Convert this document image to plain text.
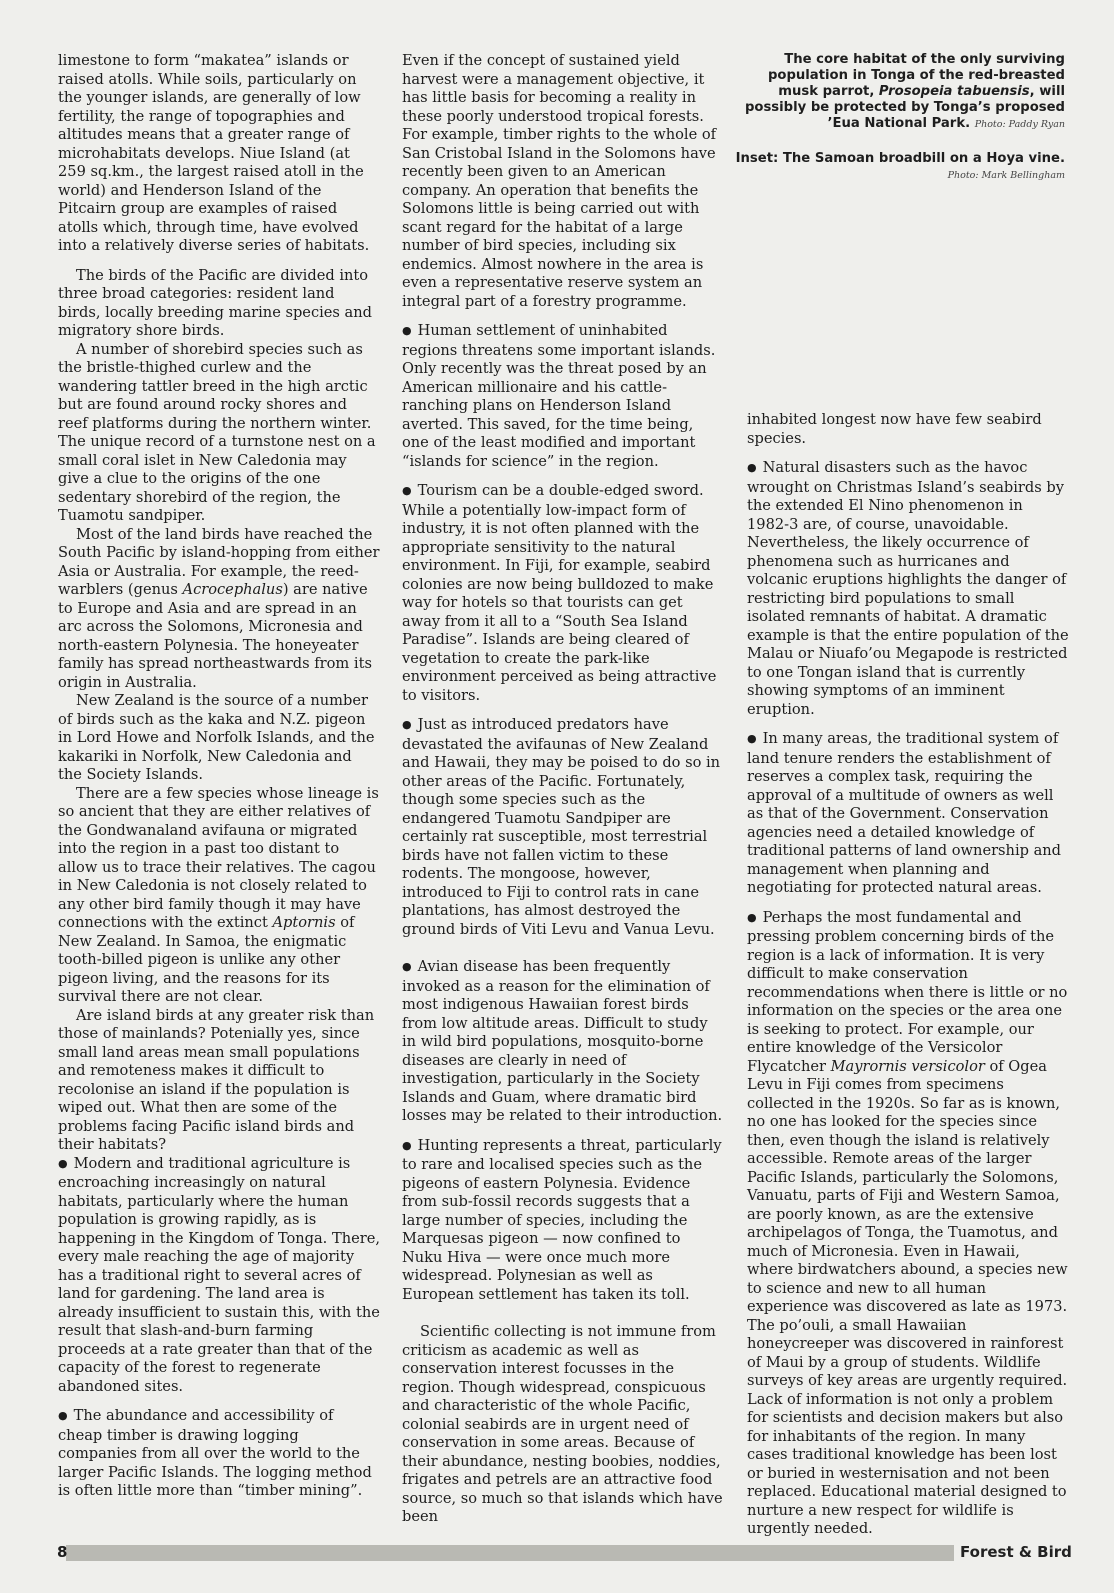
The core habitat of the only surviving population in Tonga of the red-breasted musk parrot, Prosopeia tabuensis, will possibly be protected by Tonga’s proposed ’Eua National Park. Photo: Paddy Ryan
Inset: The Samoan broadbill on a Hoya vine.
Photo: Mark Bellingham

limestone to form “makatea” islands or raised atolls. While soils, particularly on the younger islands, are generally of low fertility, the range of topographies and altitudes means that a greater range of microhabitats develops. Niue Island (at 259 sq.km., the largest raised atoll in the world) and Henderson Island of the Pitcairn group are examples of raised atolls which, through time, have evolved into a relatively diverse series of habitats.

The birds of the Pacific are divided into three broad categories: resident land birds, locally breeding marine species and migratory shore birds.

A number of shorebird species such as the bristle-thighed curlew and the wandering tattler breed in the high arctic but are found around rocky shores and reef platforms during the northern winter. The unique record of a turnstone nest on a small coral islet in New Caledonia may give a clue to the origins of the one sedentary shorebird of the region, the Tuamotu sandpiper.

Most of the land birds have reached the South Pacific by island-hopping from either Asia or Australia. For example, the reed-warblers (genus Acrocephalus) are native to Europe and Asia and are spread in an arc across the Solomons, Micronesia and north-eastern Polynesia. The honeyeater family has spread northeastwards from its origin in Australia.

New Zealand is the source of a number of birds such as the kaka and N.Z. pigeon in Lord Howe and Norfolk Islands, and the kakariki in Norfolk, New Caledonia and the Society Islands.

There are a few species whose lineage is so ancient that they are either relatives of the Gondwanaland avifauna or migrated into the region in a past too distant to allow us to trace their relatives. The cagou in New Caledonia is not closely related to any other bird family though it may have connections with the extinct Aptornis of New Zealand. In Samoa, the enigmatic tooth-billed pigeon is unlike any other pigeon living, and the reasons for its survival there are not clear.

Are island birds at any greater risk than those of mainlands? Potenially yes, since small land areas mean small populations and remoteness makes it difficult to recolonise an island if the population is wiped out. What then are some of the problems facing Pacific island birds and their habitats?

● Modern and traditional agriculture is encroaching increasingly on natural habitats, particularly where the human population is growing rapidly, as is happening in the Kingdom of Tonga. There, every male reaching the age of majority has a traditional right to several acres of land for gardening. The land area is already insufficient to sustain this, with the result that slash-and-burn farming proceeds at a rate greater than that of the capacity of the forest to regenerate abandoned sites.

● The abundance and accessibility of cheap timber is drawing logging companies from all over the world to the larger Pacific Islands. The logging method is often little more than “timber mining”.

Even if the concept of sustained yield harvest were a management objective, it has little basis for becoming a reality in these poorly understood tropical forests. For example, timber rights to the whole of San Cristobal Island in the Solomons have recently been given to an American company. An operation that benefits the Solomons little is being carried out with scant regard for the habitat of a large number of bird species, including six endemics. Almost nowhere in the area is even a representative reserve system an integral part of a forestry programme.

● Human settlement of uninhabited regions threatens some important islands. Only recently was the threat posed by an American millionaire and his cattle-ranching plans on Henderson Island averted. This saved, for the time being, one of the least modified and important “islands for science” in the region.

● Tourism can be a double-edged sword. While a potentially low-impact form of industry, it is not often planned with the appropriate sensitivity to the natural environment. In Fiji, for example, seabird colonies are now being bulldozed to make way for hotels so that tourists can get away from it all to a “South Sea Island Paradise”. Islands are being cleared of vegetation to create the park-like environment perceived as being attractive to visitors.

● Just as introduced predators have devastated the avifaunas of New Zealand and Hawaii, they may be poised to do so in other areas of the Pacific. Fortunately, though some species such as the endangered Tuamotu Sandpiper are certainly rat susceptible, most terrestrial birds have not fallen victim to these rodents. The mongoose, however, introduced to Fiji to control rats in cane plantations, has almost destroyed the ground birds of Viti Levu and Vanua Levu.

● Avian disease has been frequently invoked as a reason for the elimination of most indigenous Hawaiian forest birds from low altitude areas. Difficult to study in wild bird populations, mosquito-borne diseases are clearly in need of investigation, particularly in the Society Islands and Guam, where dramatic bird losses may be related to their introduction.

● Hunting represents a threat, particularly to rare and localised species such as the pigeons of eastern Polynesia. Evidence from sub-fossil records suggests that a large number of species, including the Marquesas pigeon — now confined to Nuku Hiva — were once much more widespread. Polynesian as well as European settlement has taken its toll.

Scientific collecting is not immune from criticism as academic as well as conservation interest focusses in the region. Though widespread, conspicuous and characteristic of the whole Pacific, colonial seabirds are in urgent need of conservation in some areas. Because of their abundance, nesting boobies, noddies, frigates and petrels are an attractive food source, so much so that islands which have been

inhabited longest now have few seabird species.

● Natural disasters such as the havoc wrought on Christmas Island’s seabirds by the extended El Nino phenomenon in 1982-3 are, of course, unavoidable. Nevertheless, the likely occurrence of phenomena such as hurricanes and volcanic eruptions highlights the danger of restricting bird populations to small isolated remnants of habitat. A dramatic example is that the entire population of the Malau or Niuafo’ou Megapode is restricted to one Tongan island that is currently showing symptoms of an imminent eruption.

● In many areas, the traditional system of land tenure renders the establishment of reserves a complex task, requiring the approval of a multitude of owners as well as that of the Government. Conservation agencies need a detailed knowledge of traditional patterns of land ownership and management when planning and negotiating for protected natural areas.

● Perhaps the most fundamental and pressing problem concerning birds of the region is a lack of information. It is very difficult to make conservation recommendations when there is little or no information on the species or the area one is seeking to protect. For example, our entire knowledge of the Versicolor Flycatcher Mayrornis versicolor of Ogea Levu in Fiji comes from specimens collected in the 1920s. So far as is known, no one has looked for the species since then, even though the island is relatively accessible. Remote areas of the larger Pacific Islands, particularly the Solomons, Vanuatu, parts of Fiji and Western Samoa, are poorly known, as are the extensive archipelagos of Tonga, the Tuamotus, and much of Micronesia. Even in Hawaii, where birdwatchers abound, a species new to science and new to all human experience was discovered as late as 1973. The po’ouli, a small Hawaiian honeycreeper was discovered in rainforest of Maui by a group of students. Wildlife surveys of key areas are urgently required. Lack of information is not only a problem for scientists and decision makers but also for inhabitants of the region. In many cases traditional knowledge has been lost or buried in westernisation and not been replaced. Educational material designed to nurture a new respect for wildlife is urgently needed.

8	Forest & Bird
